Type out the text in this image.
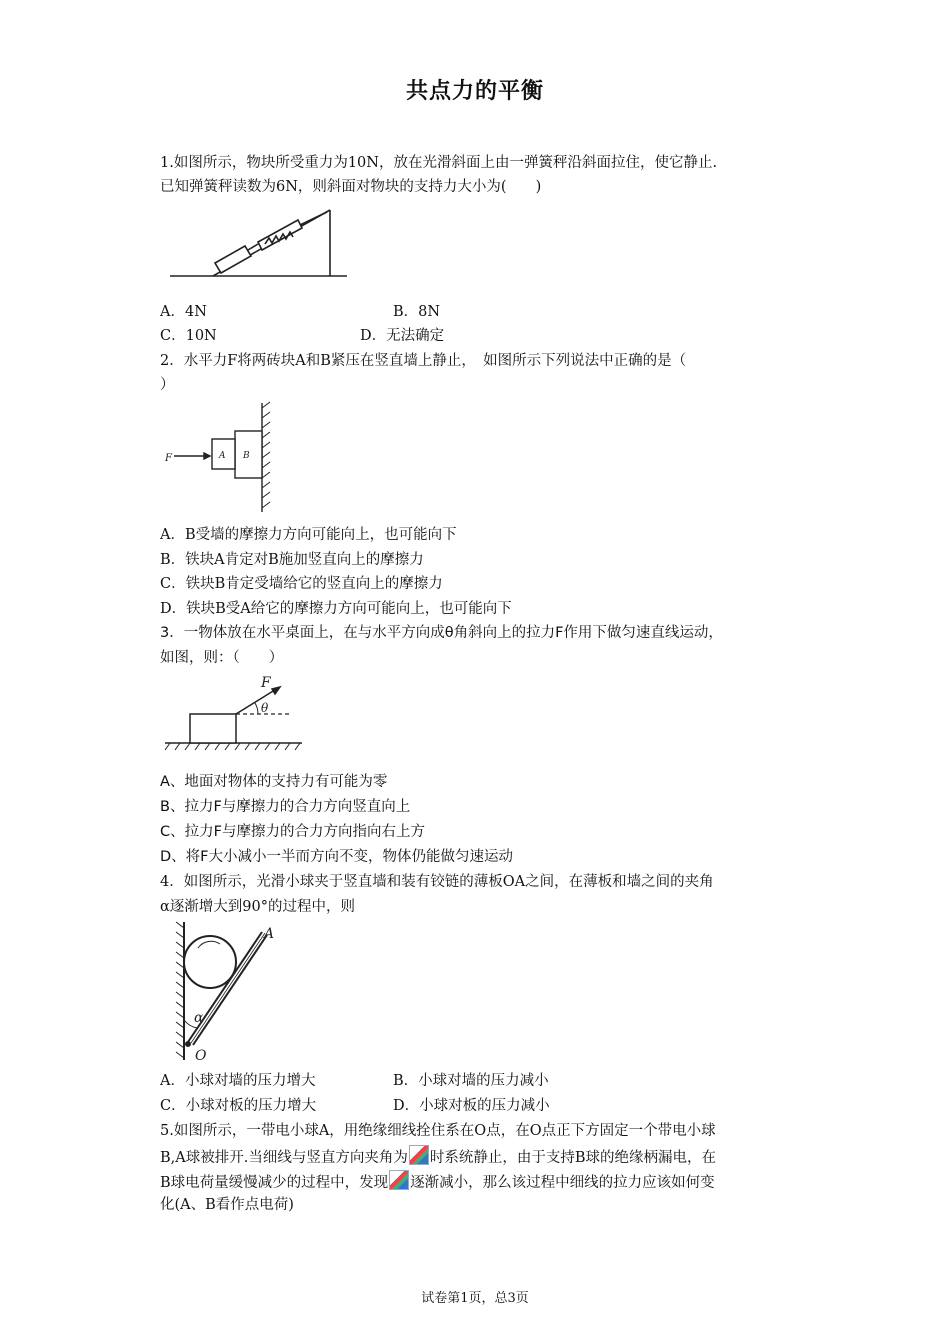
共点力的平衡
1.如图所示，物块所受重力为10N，放在光滑斜面上由一弹簧秤沿斜面拉住，使它静止.
已知弹簧秤读数为6N，则斜面对物块的支持力大小为(　　)
A．4N	B．8N
C．10N	D．无法确定
2．水平力F将两砖块A和B紧压在竖直墙上静止，　如图所示下列说法中正确的是（
）
F	A B
A．B受墙的摩擦力方向可能向上，也可能向下
B．铁块A肯定对B施加竖直向上的摩擦力
C．铁块B肯定受墙给它的竖直向上的摩擦力
D．铁块B受A给它的摩擦力方向可能向上，也可能向下
3．一物体放在水平桌面上，在与水平方向成θ角斜向上的拉力F作用下做匀速直线运动，
如图，则：（　　）
F
θ
A、地面对物体的支持力有可能为零
B、拉力F与摩擦力的合力方向竖直向上
C、拉力F与摩擦力的合力方向指向右上方
D、将F大小减小一半而方向不变，物体仍能做匀速运动
4．如图所示，光滑小球夹于竖直墙和装有铰链的薄板OA之间，在薄板和墙之间的夹角
α逐渐增大到90°的过程中，则
A
α
O
A．小球对墙的压力增大	B．小球对墙的压力减小
C．小球对板的压力增大	D．小球对板的压力减小
5.如图所示，一带电小球A，用绝缘细线拴住系在O点，在O点正下方固定一个带电小球
B,A球被排开.当细线与竖直方向夹角为 时系统静止，由于支持B球的绝缘柄漏电，在
B球电荷量缓慢减少的过程中，发现 逐渐减小，那么该过程中细线的拉力应该如何变
化(A、B看作点电荷)
试卷第1页，总3页
